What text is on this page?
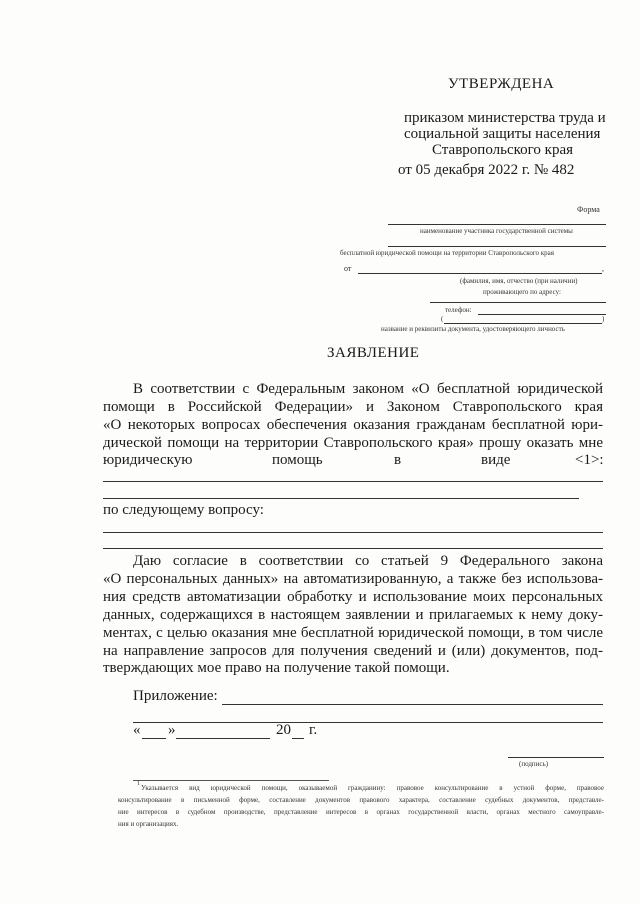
УТВЕРЖДЕНА
приказом министерства труда и
социальной защиты населения
Ставропольского края
от 05 декабря 2022 г. № 482
Форма
наименование участника государственной системы
бесплатной юридической помощи на территории Ставропольского края
от	,
(фамилия, имя, отчество (при наличии)
проживающего по адресу:
телефон:
(	)
название и реквизиты документа, удостоверяющего личность
ЗАЯВЛЕНИЕ
В соответствии с Федеральным законом «О бесплатной юридической
помощи в Российской Федерации» и Законом Ставропольского края
«О некоторых вопросах обеспечения оказания гражданам бесплатной юри-
дической помощи на территории Ставропольского края» прошу оказать мне
юридическую	помощь	в	виде	<1>:
по следующему вопросу:
Даю согласие в соответствии со статьей 9 Федерального закона
«О персональных данных» на автоматизированную, а также без использова-
ния средств автоматизации обработку и использование моих персональных
данных, содержащихся в настоящем заявлении и прилагаемых к нему доку-
ментах, с целью оказания мне бесплатной юридической помощи, в том числе
на направление запросов для получения сведений и (или) документов, под-
тверждающих мое право на получение такой помощи.
Приложение:
« »	20 г.
(подпись)
1 Указывается вид юридической помощи, оказываемой гражданину: правовое консультирование в устной форме, правовое
консультирование в письменной форме, составление документов правового характера, составление судебных документов, представле-
ние интересов в судебном производстве, представление интересов в органах государственной власти, органах местного самоуправле-
ния и организациях.
